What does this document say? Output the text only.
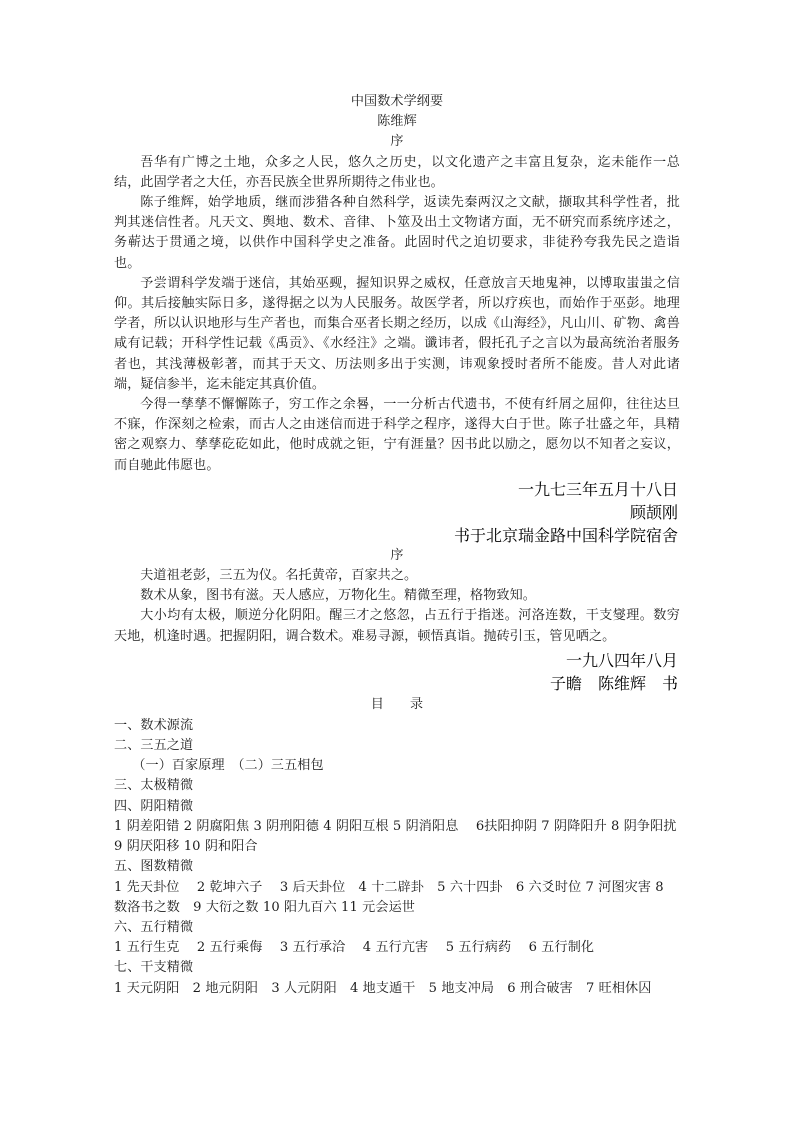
中国数术学纲要
陈维辉
序

吾华有广博之土地，众多之人民，悠久之历史，以文化遗产之丰富且复杂，迄未能作一总结，此固学者之大任，亦吾民族全世界所期待之伟业也。

陈子维辉，始学地质，继而涉猎各种自然科学，返读先秦两汉之文献，撷取其科学性者，批判其迷信性者。凡天文、舆地、数术、音律、卜筮及出土文物诸方面，无不研究而系统序述之，务蕲达于贯通之境，以供作中国科学史之准备。此固时代之迫切要求，非徒矜夸我先民之造诣也。

予尝谓科学发端于迷信，其始巫觋，握知识界之威权，任意放言天地鬼神，以博取蚩蚩之信仰。其后接触实际日多，遂得据之以为人民服务。故医学者，所以疗疾也，而始作于巫彭。地理学者，所以认识地形与生产者也，而集合巫者长期之经历，以成《山海经》，凡山川、矿物、禽兽咸有记载；开科学性记载《禹贡》、《水经注》之端。谶讳者，假托孔子之言以为最高统治者服务者也，其浅薄极彰著，而其于天文、历法则多出于实测，讳观象授时者所不能废。昔人对此诸端，疑信参半，迄未能定其真价值。

今得一孳孳不懈懈陈子，穷工作之余晷，一一分析古代遗书，不使有纤屑之屈仰，往往达旦不寐，作深刻之检索，而古人之由迷信而进于科学之程序，遂得大白于世。陈子壮盛之年，具精密之观察力、孳孳矻矻如此，他时成就之钜，宁有涯量？因书此以励之，愿勿以不知者之妄议，而自驰此伟愿也。

一九七三年五月十八日
顾颉刚
书于北京瑞金路中国科学院宿舍
序

夫道祖老彭，三五为仪。名托黄帝，百家共之。

数术从象，图书有滋。天人感应，万物化生。精微至理，格物致知。

大小均有太极，顺逆分化阴阳。醒三才之悠忽，占五行于指迷。河洛连数，干支燮理。数穷天地，机逢时遇。把握阴阳，调合数术。难易寻源，顿悟真诣。抛砖引玉，管见哂之。

一九八四年八月
子瞻　陈维辉　书
目 录
一、数术源流
二、三五之道
（一）百家原理　（二）三五相包
三、太极精微
四、阴阳精微
1 阴差阳错 2 阴腐阳焦 3 阴刑阳德 4 阴阳互根 5 阴消阳息　 6扶阳抑阴 7 阴降阳升 8 阴争阳扰 9 阴厌阳移 10 阴和阳合
五、图数精微
1 先天卦位　 2 乾坤六子　 3 后天卦位　4 十二辟卦　5 六十四卦　6 六爻时位 7 河图灾害 8 数洛书之数　9 大衍之数 10 阳九百六 11 元会运世
六、五行精微
1 五行生克　 2 五行乘侮　 3 五行承洽　 4 五行亢害　 5 五行病药　 6 五行制化
七、干支精微
1 天元阴阳　2 地元阴阳　3 人元阴阳　4 地支遁干　5 地支冲局　6 刑合破害　7 旺相休囚
